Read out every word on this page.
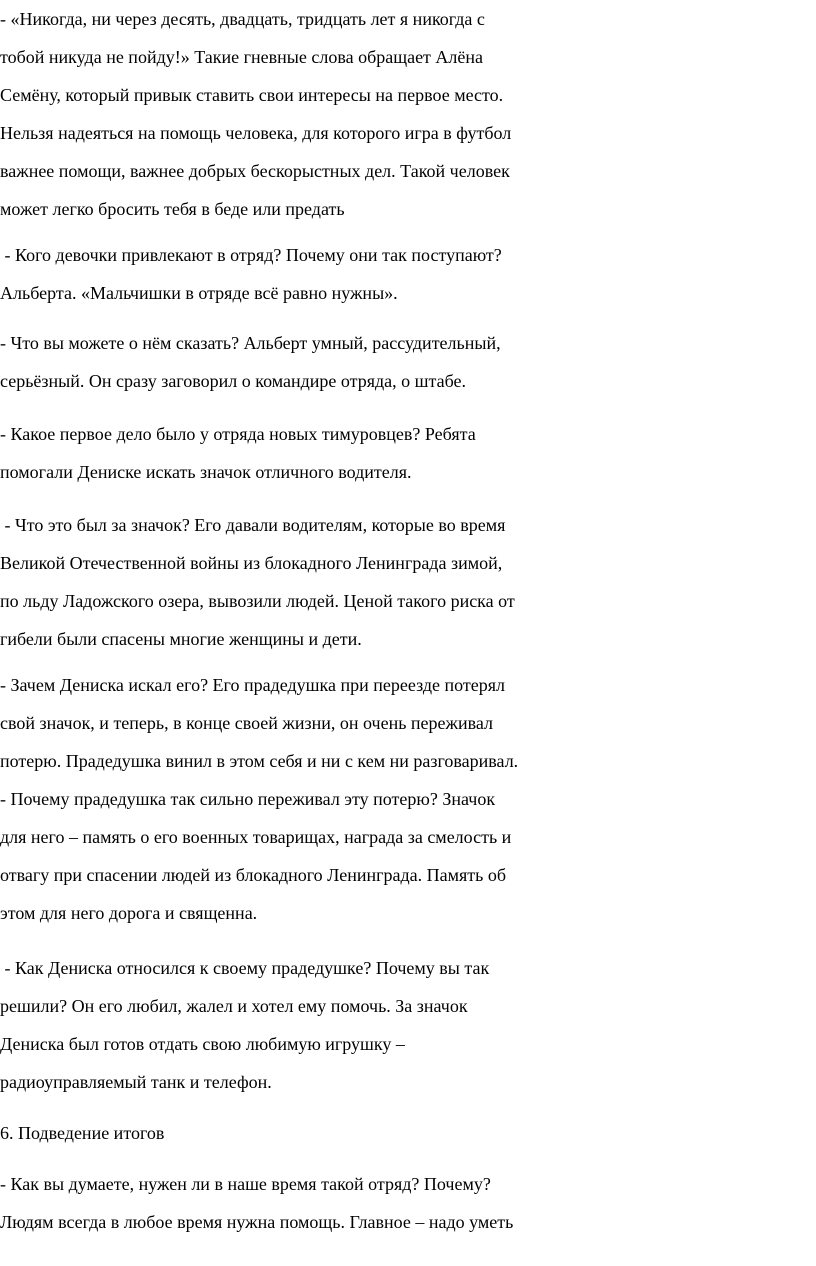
- «Никогда, ни через десять, двадцать, тридцать лет я никогда с
тобой никуда не пойду!» Такие гневные слова обращает Алёна
Семёну, который привык ставить свои интересы на первое место.
Нельзя надеяться на помощь человека, для которого игра в футбол
важнее помощи, важнее добрых бескорыстных дел. Такой человек
может легко бросить тебя в беде или предать
- Кого девочки привлекают в отряд? Почему они так поступают?
Альберта. «Мальчишки в отряде всё равно нужны».
- Что вы можете о нём сказать? Альберт умный, рассудительный,
серьёзный. Он сразу заговорил о командире отряда, о штабе.
- Какое первое дело было у отряда новых тимуровцев? Ребята
помогали Дениске искать значок отличного водителя.
- Что это был за значок? Его давали водителям, которые во время
Великой Отечественной войны из блокадного Ленинграда зимой,
по льду Ладожского озера, вывозили людей. Ценой такого риска от
гибели были спасены многие женщины и дети.
- Зачем Дениска искал его? Его прадедушка при переезде потерял
свой значок, и теперь, в конце своей жизни, он очень переживал
потерю. Прадедушка винил в этом себя и ни с кем ни разговаривал.
- Почему прадедушка так сильно переживал эту потерю? Значок
для него – память о его военных товарищах, награда за смелость и
отвагу при спасении людей из блокадного Ленинграда. Память об
этом для него дорога и священна.
- Как Дениска относился к своему прадедушке? Почему вы так
решили? Он его любил, жалел и хотел ему помочь. За значок
Дениска был готов отдать свою любимую игрушку –
радиоуправляемый танк и телефон.
6. Подведение итогов
- Как вы думаете, нужен ли в наше время такой отряд? Почему?
Людям всегда в любое время нужна помощь. Главное – надо уметь
